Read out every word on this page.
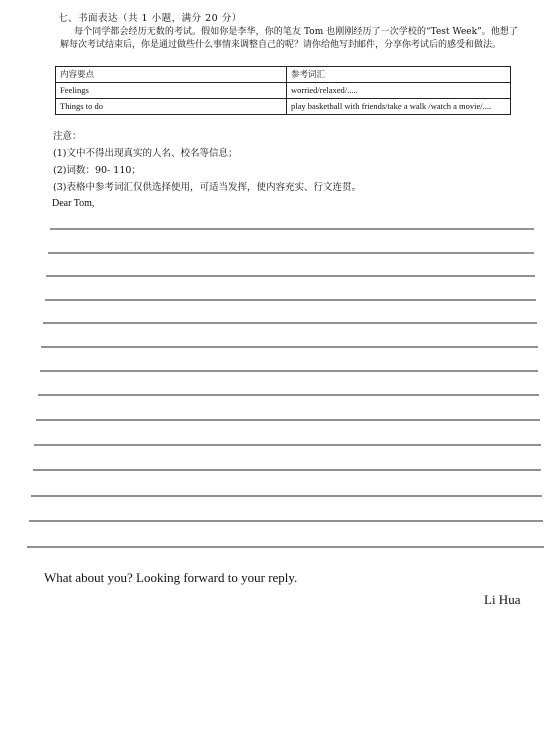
七、书面表达（共 1 小题，满分 20 分）
每个同学都会经历无数的考试。假如你是李华，你的笔友 Tom 也刚刚经历了一次学校的“Test Week”。他想了解每次考试结束后，你是通过做些什么事情来调整自己的呢？请你给他写封邮件，分享你考试后的感受和做法。
内容要点	参考词汇
Feelings	worried/relaxed/.....
Things to do	play basketball with friends/take a walk /watch a movie/....
注意：
(1)文中不得出现真实的人名、校名等信息；
(2)词数：90- 110；
(3)表格中参考词汇仅供选择使用，可适当发挥，使内容充实、行文连贯。
Dear Tom,
What about you? Looking forward to your reply.
Li Hua
